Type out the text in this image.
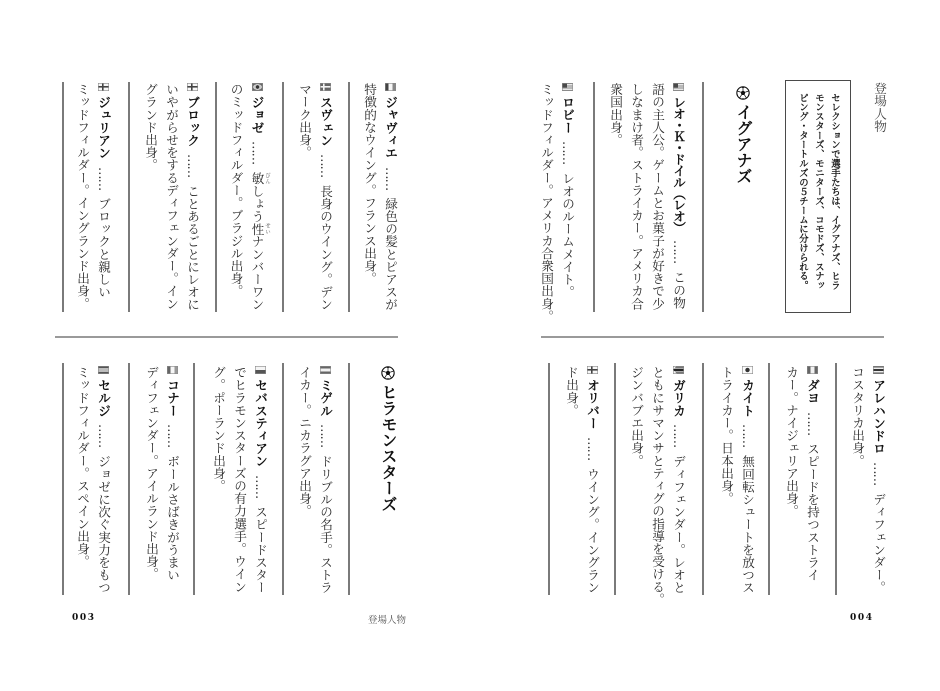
登場人物
セレクションで選手たちは、イグアナズ、ヒラ
モンスターズ、モニターズ、コモドズ、スナッ
ピング・タートルズの５チームに分けられる。
イグアナズ
レオ・Ｋ・ドイル（レオ）……この物
語の主人公。ゲームとお菓子が好きで少
しなまけ者。ストライカー。アメリカ合
衆国出身。
ロビー……レオのルームメイト。
ミッドフィルダー。アメリカ合衆国出身。
アレハンドロ……ディフェンダー。
コスタリカ出身。
ダヨ……スピードを持つストライ
カー。ナイジェリア出身。
カイト……無回転シュートを放つス
トライカー。日本出身。
ガリカ……ディフェンダー。レオと
ともにサマンサとティグの指導を受ける。
ジンバブエ出身。
オリバー……ウイング。イングラン
ド出身。
004
ジャヴィエ……緑色の髪とピアスが
特徴的なウイング。フランス出身。
スヴェン……長身のウイング。デン
マーク出身。
ジョゼ……敏 びんしょう性 せいナンバーワン
のミッドフィルダー。ブラジル出身。
ブロック……ことあるごとにレオに
いやがらせをするディフェンダー。イン
グランド出身。
ジュリアン……ブロックと親しい
ミッドフィルダー。イングランド出身。
ヒラモンスターズ
ミゲル……ドリブルの名手。ストラ
イカー。ニカラグア出身。
セバスティアン……スピードスター
でヒラモンスターズの有力選手。ウイン
グ。ポーランド出身。
コナー……ボールさばきがうまい
ディフェンダー。アイルランド出身。
セルジ……ジョゼに次ぐ実力をもつ
ミッドフィルダー。スペイン出身。
003	登場人物
